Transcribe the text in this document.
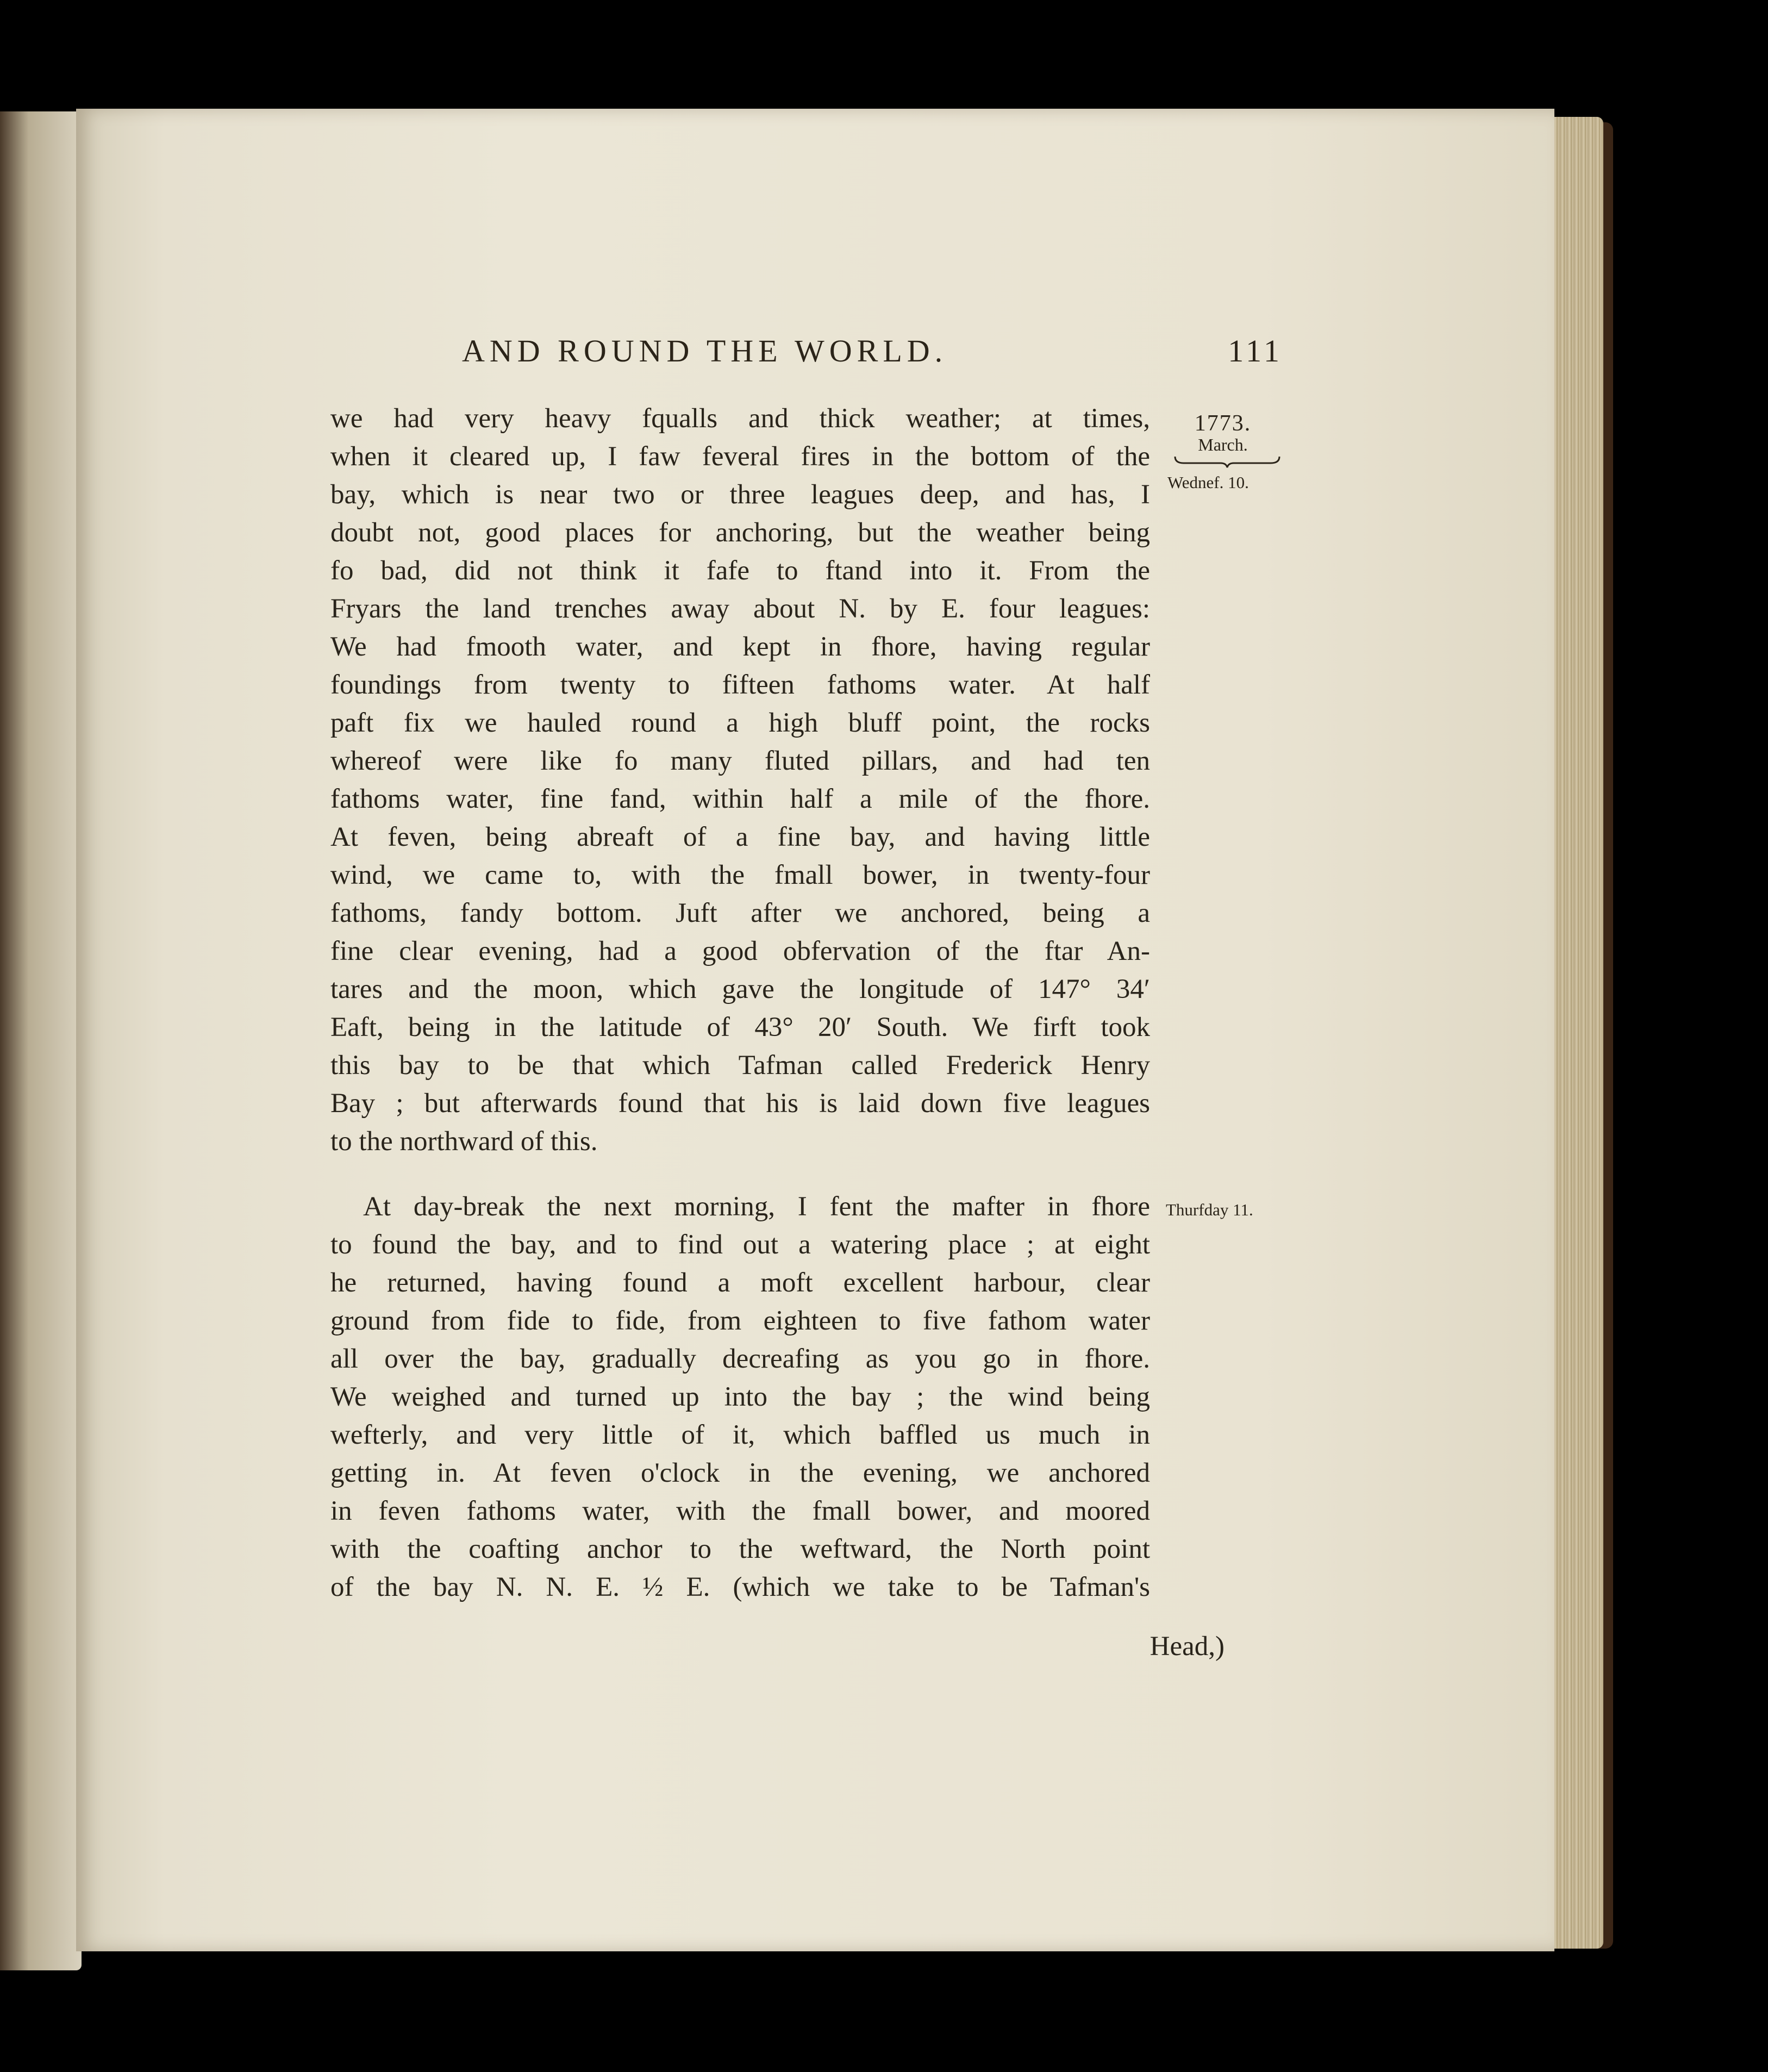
AND ROUND THE WORLD.	111
1773.
March.
Wednef. 10.
Thurfday 11.
we had very heavy fqualls and thick weather; at times,
when it cleared up, I faw feveral fires in the bottom of the
bay, which is near two or three leagues deep, and has, I
doubt not, good places for anchoring, but the weather being
fo bad, did not think it fafe to ftand into it. From the
Fryars the land trenches away about N. by E. four leagues:
We had fmooth water, and kept in fhore, having regular
foundings from twenty to fifteen fathoms water. At half
paft fix we hauled round a high bluff point, the rocks
whereof were like fo many fluted pillars, and had ten
fathoms water, fine fand, within half a mile of the fhore.
At feven, being abreaft of a fine bay, and having little
wind, we came to, with the fmall bower, in twenty-four
fathoms, fandy bottom. Juft after we anchored, being a
fine clear evening, had a good obfervation of the ftar An-
tares and the moon, which gave the longitude of 147° 34′
Eaft, being in the latitude of 43° 20′ South. We firft took
this bay to be that which Tafman called Frederick Henry
Bay ; but afterwards found that his is laid down five leagues
to the northward of this.
At day-break the next morning, I fent the mafter in fhore
to found the bay, and to find out a watering place ; at eight
he returned, having found a moft excellent harbour, clear
ground from fide to fide, from eighteen to five fathom water
all over the bay, gradually decreafing as you go in fhore.
We weighed and turned up into the bay ; the wind being
wefterly, and very little of it, which baffled us much in
getting in. At feven o'clock in the evening, we anchored
in feven fathoms water, with the fmall bower, and moored
with the coafting anchor to the weftward, the North point
of the bay N. N. E. ½ E. (which we take to be Tafman's
Head,)
